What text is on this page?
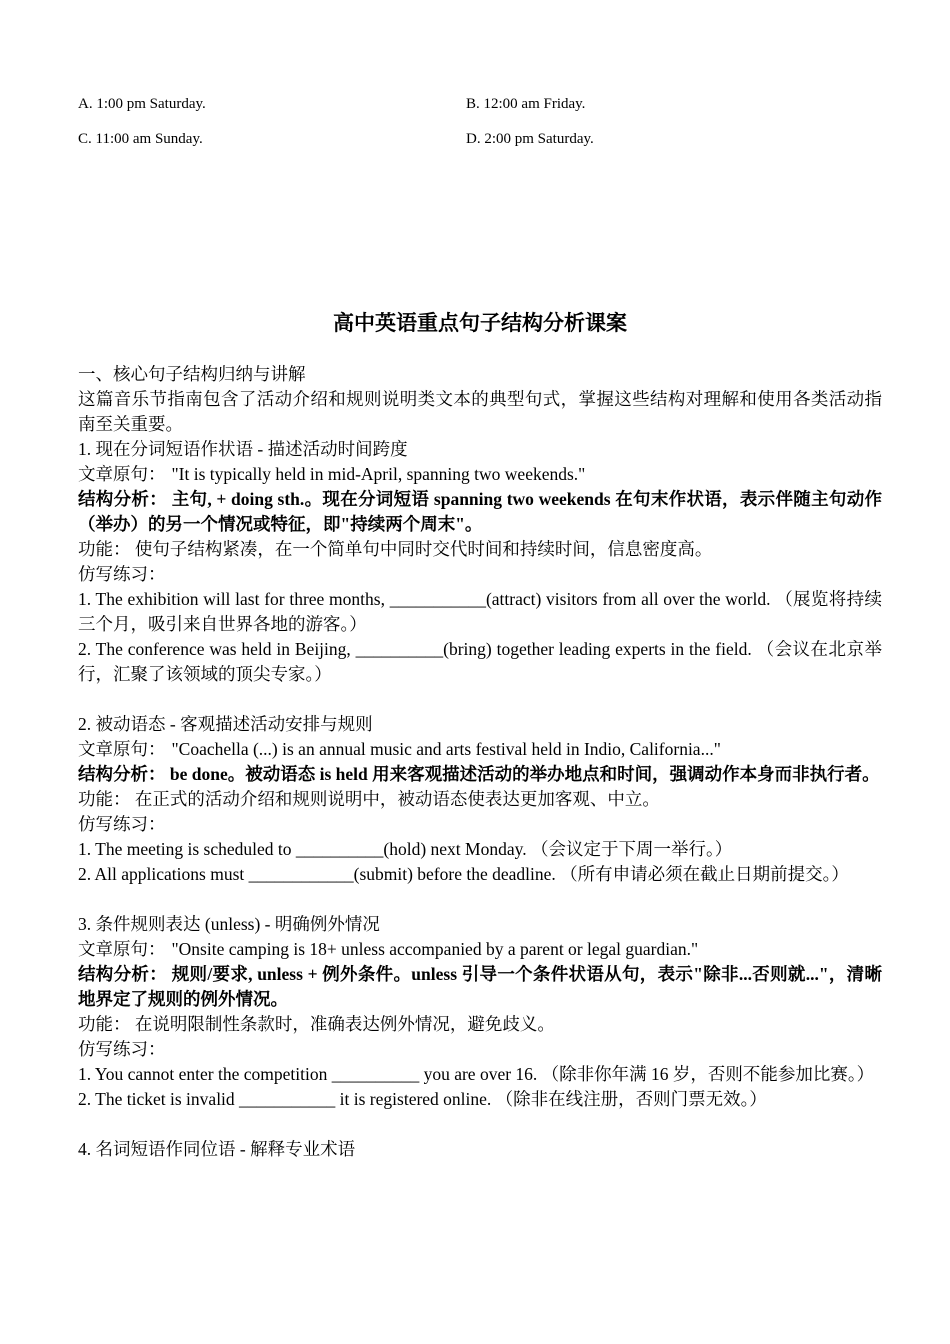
A. 1:00 pm Saturday.	B. 12:00 am Friday.
C. 11:00 am Sunday.	D. 2:00 pm Saturday.
高中英语重点句子结构分析课案

一、核心句子结构归纳与讲解

这篇音乐节指南包含了活动介绍和规则说明类文本的典型句式，掌握这些结构对理解和使用各类活动指南至关重要。

1. 现在分词短语作状语 - 描述活动时间跨度

文章原句： "It is typically held in mid-April, spanning two weekends."

结构分析： 主句, + doing sth.。现在分词短语 spanning two weekends 在句末作状语，表示伴随主句动作（举办）的另一个情况或特征，即"持续两个周末"。

功能： 使句子结构紧凑，在一个简单句中同时交代时间和持续时间，信息密度高。

仿写练习：

1. The exhibition will last for three months, ___________(attract) visitors from all over the world. （展览将持续三个月，吸引来自世界各地的游客。）

2. The conference was held in Beijing, __________(bring) together leading experts in the field. （会议在北京举行，汇聚了该领域的顶尖专家。）

2. 被动语态 - 客观描述活动安排与规则

文章原句： "Coachella (...) is an annual music and arts festival held in Indio, California..."

结构分析： be done。被动语态 is held 用来客观描述活动的举办地点和时间，强调动作本身而非执行者。

功能： 在正式的活动介绍和规则说明中，被动语态使表达更加客观、中立。

仿写练习：

1. The meeting is scheduled to __________(hold) next Monday. （会议定于下周一举行。）

2. All applications must ____________(submit) before the deadline. （所有申请必须在截止日期前提交。）

3. 条件规则表达 (unless) - 明确例外情况

文章原句： "Onsite camping is 18+ unless accompanied by a parent or legal guardian."

结构分析： 规则/要求, unless + 例外条件。unless 引导一个条件状语从句，表示"除非...否则就..."，清晰地界定了规则的例外情况。

功能： 在说明限制性条款时，准确表达例外情况，避免歧义。

仿写练习：

1. You cannot enter the competition __________ you are over 16. （除非你年满 16 岁，否则不能参加比赛。）

2. The ticket is invalid ___________ it is registered online. （除非在线注册，否则门票无效。）

4. 名词短语作同位语 - 解释专业术语
